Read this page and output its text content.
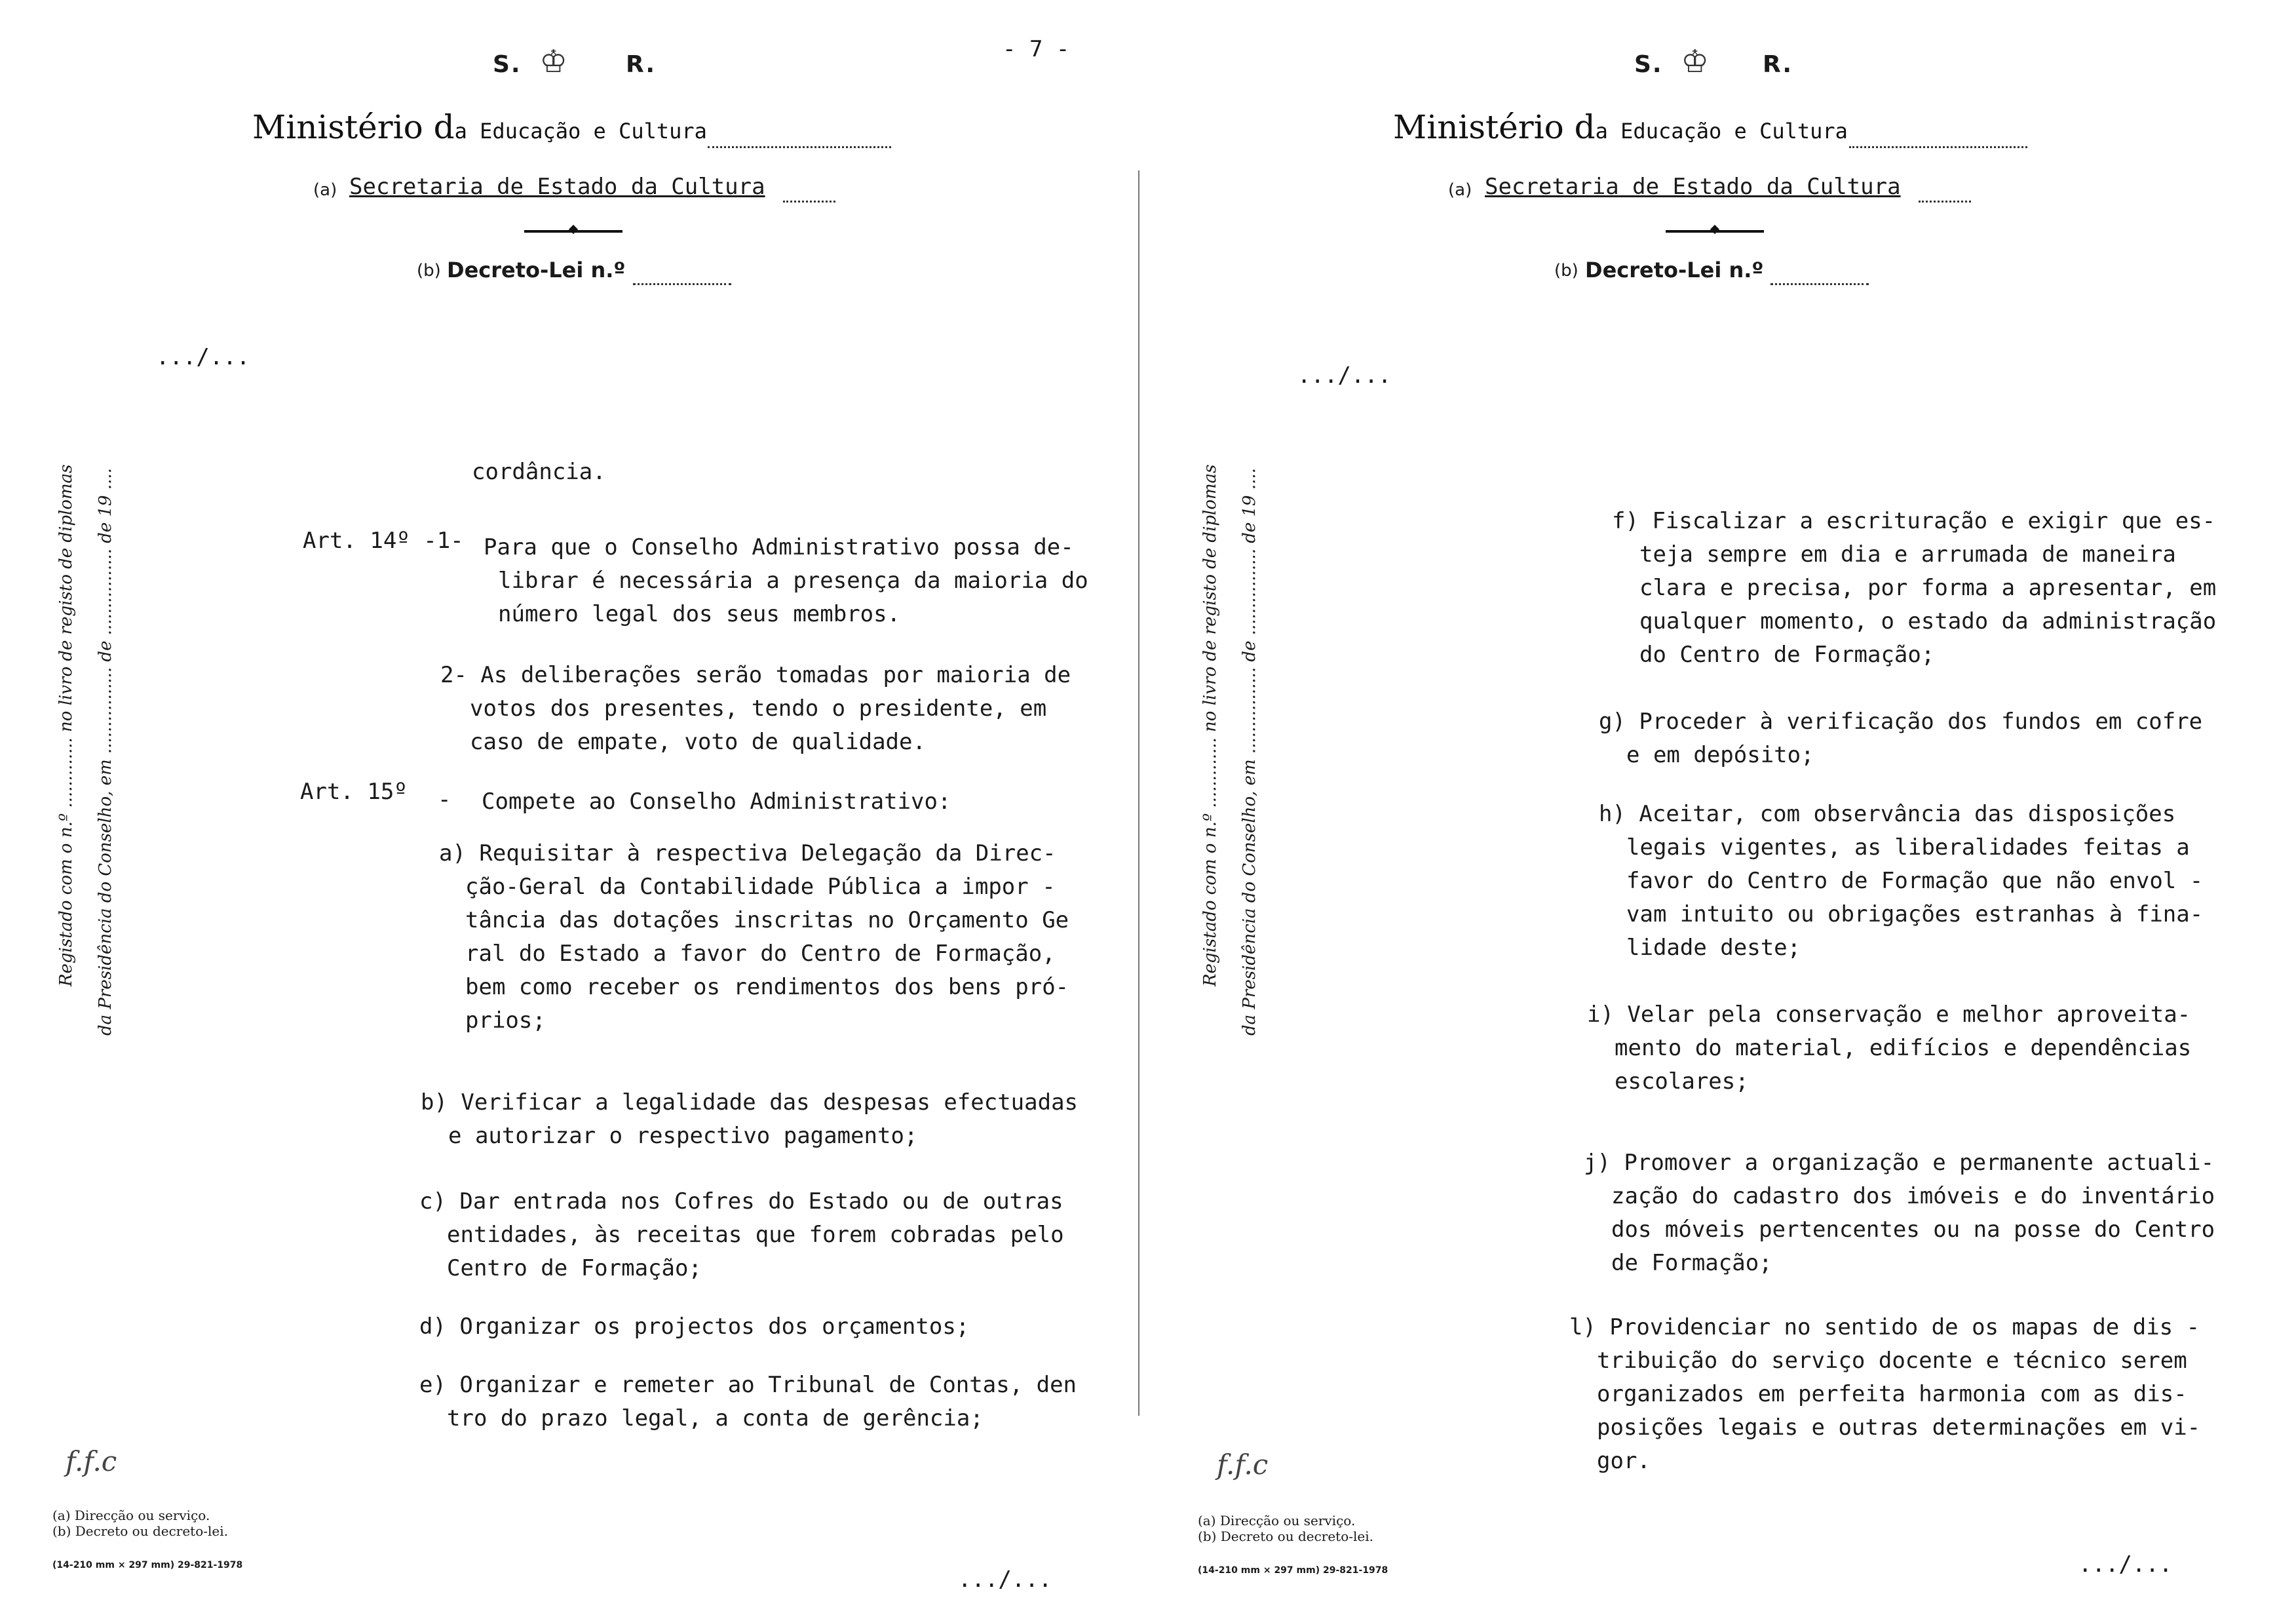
S. ♔	R.
- 7 -
Ministério da Educação e Cultura
(a) Secretaria de Estado da Cultura
(b) Decreto-Lei n.º
.../...
Registado com o n.º ............. no livro de registo de diplomas da Presidência do Conselho, em ................ de ................ de 19 ....	cordância.
Art. 14º -1- Para que o Conselho Administrativo possa de-
librar é necessária a presença da maioria do
número legal dos seus membros.
2- As deliberações serão tomadas por maioria de
votos dos presentes, tendo o presidente, em
caso de empate, voto de qualidade.
Art. 15º - Compete ao Conselho Administrativo:
a) Requisitar à respectiva Delegação da Direc-
ção-Geral da Contabilidade Pública a impor -
tância das dotações inscritas no Orçamento Ge
ral do Estado a favor do Centro de Formação,
bem como receber os rendimentos dos bens pró-
prios;
b) Verificar a legalidade das despesas efectuadas
e autorizar o respectivo pagamento;
c) Dar entrada nos Cofres do Estado ou de outras
entidades, às receitas que forem cobradas pelo
Centro de Formação;
d) Organizar os projectos dos orçamentos;
e) Organizar e remeter ao Tribunal de Contas, den
tro do prazo legal, a conta de gerência;
f.f.c
(a) Direcção ou serviço.
(b) Decreto ou decreto-lei.
(14-210 mm × 297 mm) 29-821-1978
.../...
S. ♔ R.
Ministério da Educação e Cultura
(a) Secretaria de Estado da Cultura
(b) Decreto-Lei n.º
.../...
Registado com o n.º ............. no livro de registo de diplomas da Presidência do Conselho, em ................ de ................ de 19 ....	f) Fiscalizar a escrituração e exigir que es-
teja sempre em dia e arrumada de maneira
clara e precisa, por forma a apresentar, em
qualquer momento, o estado da administração
do Centro de Formação;
g) Proceder à verificação dos fundos em cofre
e em depósito;
h) Aceitar, com observância das disposições
legais vigentes, as liberalidades feitas a
favor do Centro de Formação que não envol -
vam intuito ou obrigações estranhas à fina-
lidade deste;
i) Velar pela conservação e melhor aproveita-
mento do material, edifícios e dependências
escolares;
j) Promover a organização e permanente actuali-
zação do cadastro dos imóveis e do inventário
dos móveis pertencentes ou na posse do Centro
de Formação;
l) Providenciar no sentido de os mapas de dis -
tribuição do serviço docente e técnico serem
organizados em perfeita harmonia com as dis-
posições legais e outras determinações em vi-
gor.
f.f.c
(a) Direcção ou serviço.
(b) Decreto ou decreto-lei.
(14-210 mm × 297 mm) 29-821-1978	.../...
